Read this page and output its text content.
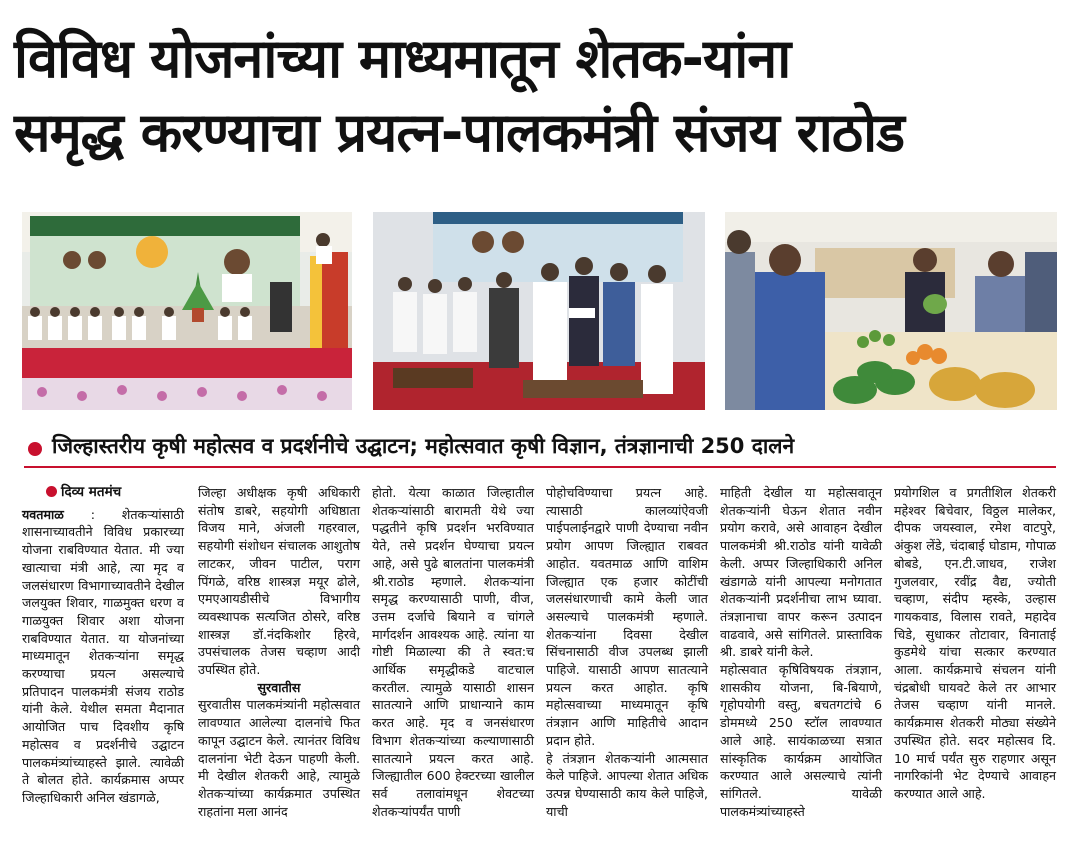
विविध योजनांच्या माध्यमातून शेतक-यांना
समृद्ध करण्याचा प्रयत्न-पालकमंत्री संजय राठोड
जिल्हास्तरीय कृषी महोत्सव व प्रदर्शनीचे उद्घाटन; महोत्सवात कृषी विज्ञान, तंत्रज्ञानाची 250 दालने
दिव्य मतमंच

यवतमाळ : शेतकऱ्यांसाठी शासनाच्यावतीने विविध प्रकारच्या योजना राबविण्यात येतात. मी ज्या खात्याचा मंत्री आहे, त्या मृद व जलसंधारण विभागाच्यावतीने देखील जलयुक्त शिवार, गाळमुक्त धरण व गाळयुक्त शिवार अशा योजना राबविण्यात येतात. या योजनांच्या माध्यमातून शेतकऱ्यांना समृद्ध करण्याचा प्रयत्न असल्याचे प्रतिपादन पालकमंत्री संजय राठोड यांनी केले. येथील समता मैदानात आयोजित पाच दिवशीय कृषि महोत्सव व प्रदर्शनीचे उद्घाटन पालकमंत्र्यांच्याहस्ते झाले. त्यावेळी ते बोलत होते. कार्यक्रमास अप्पर जिल्हाधिकारी अनिल खंडागळे,

जिल्हा अधीक्षक कृषी अधिकारी संतोष डाबरे, सहयोगी अधिष्ठाता विजय माने, अंजली गहरवाल, सहयोगी संशोधन संचालक आशुतोष लाटकर, जीवन पाटील, पराग पिंगळे, वरिष्ठ शास्त्रज्ञ मयूर ढोले, एमएआयडीसीचे विभागीय व्यवस्थापक सत्यजित ठोसरे, वरिष्ठ शास्त्रज्ञ डॉ.नंदकिशोर हिरवे, उपसंचालक तेजस चव्हाण आदी उपस्थित होते.

सुरवातीस

सुरवातीस पालकमंत्र्यांनी महोत्सवात लावण्यात आलेल्या दालनांचे फित कापून उद्घाटन केले. त्यानंतर विविध दालनांना भेटी देऊन पाहणी केली. मी देखील शेतकरी आहे, त्यामुळे शेतकऱ्यांच्या कार्यक्रमात उपस्थित राहतांना मला आनंद

होतो. येत्या काळात जिल्हातील शेतकऱ्यांसाठी बारामती येथे ज्या पद्धतीने कृषि प्रदर्शन भरविण्यात येते, तसे प्रदर्शन घेण्याचा प्रयत्न आहे, असे पुढे बालतांना पालकमंत्री श्री.राठोड म्हणाले. शेतकऱ्यांना समृद्ध करण्यासाठी पाणी, वीज, उत्तम दर्जाचे बियाने व चांगले मार्गदर्शन आवश्यक आहे. त्यांना या गोष्टी मिळाल्या की ते स्वत:च आर्थिक समृद्धीकडे वाटचाल करतील. त्यामुळे यासाठी शासन सातत्याने आणि प्राधान्याने काम करत आहे. मृद व जनसंधारण विभाग शेतकऱ्यांच्या कल्याणासाठी सातत्याने प्रयत्न करत आहे. जिल्ह्यातील 600 हेक्टरच्या खालील सर्व तलावांमधून शेवटच्या शेतकऱ्यांपर्यंत पाणी

पोहोचविण्याचा प्रयत्न आहे. त्यासाठी कालव्यांऐवजी पाईपलाईनद्वारे पाणी देण्याचा नवीन प्रयोग आपण जिल्ह्यात राबवत आहोत. यवतमाळ आणि वाशिम जिल्ह्यात एक हजार कोटींची जलसंधारणाची कामे केली जात असल्याचे पालकमंत्री म्हणाले. शेतकऱ्यांना दिवसा देखील सिंचनासाठी वीज उपलब्ध झाली पाहिजे. यासाठी आपण सातत्याने प्रयत्न करत आहोत. कृषि महोत्सवाच्या माध्यमातून कृषि तंत्रज्ञान आणि माहितीचे आदान प्रदान होते.

हे तंत्रज्ञान शेतकऱ्यांनी आत्मसात केले पाहिजे. आपल्या शेतात अधिक उत्पन्न घेण्यासाठी काय केले पाहिजे, याची

माहिती देखील या महोत्सवातून शेतकऱ्यांनी घेऊन शेतात नवीन प्रयोग करावे, असे आवाहन देखील पालकमंत्री श्री.राठोड यांनी यावेळी केली. अप्पर जिल्हाधिकारी अनिल खंडागळे यांनी आपल्या मनोगतात शेतकऱ्यांनी प्रदर्शनीचा लाभ घ्यावा. तंत्रज्ञानाचा वापर करून उत्पादन वाढवावे, असे सांगितले. प्रास्ताविक श्री. डाबरे यांनी केले.

महोत्सवात कृषिविषयक तंत्रज्ञान, शासकीय योजना, बि-बियाणे, गृहोपयोगी वस्तु, बचतगटांचे 6 डोममध्ये 250 स्टॉल लावण्यात आले आहे. सायंकाळच्या सत्रात सांस्कृतिक कार्यक्रम आयोजित करण्यात आले असल्याचे त्यांनी सांगितले. यावेळी पालकमंत्र्यांच्याहस्ते

प्रयोगशिल व प्रगतीशिल शेतकरी महेश्वर बिचेवार, विठ्ठल मालेकर, दीपक जयस्वाल, रमेश वाटपुरे, अंकुश लेंडे, चंदाबाई घोडाम, गोपाळ बोबडे, एन.टी.जाधव, राजेश गुजलवार, रवींद्र वैद्य, ज्योती चव्हाण, संदीप म्हस्के, उल्हास गायकवाड, विलास रावते, महादेव चिडे, सुधाकर तोटावार, विनाताई कुडमेथे यांचा सत्कार करण्यात आला. कार्यक्रमाचे संचलन यांनी चंद्रबोधी घायवटे केले तर आभार तेजस चव्हाण यांनी मानले. कार्यक्रमास शेतकरी मोठ्या संख्येने उपस्थित होते. सदर महोत्सव दि. 10 मार्च पर्यंत सुरु राहणार असून नागरिकांनी भेट देण्याचे आवाहन करण्यात आले आहे.
